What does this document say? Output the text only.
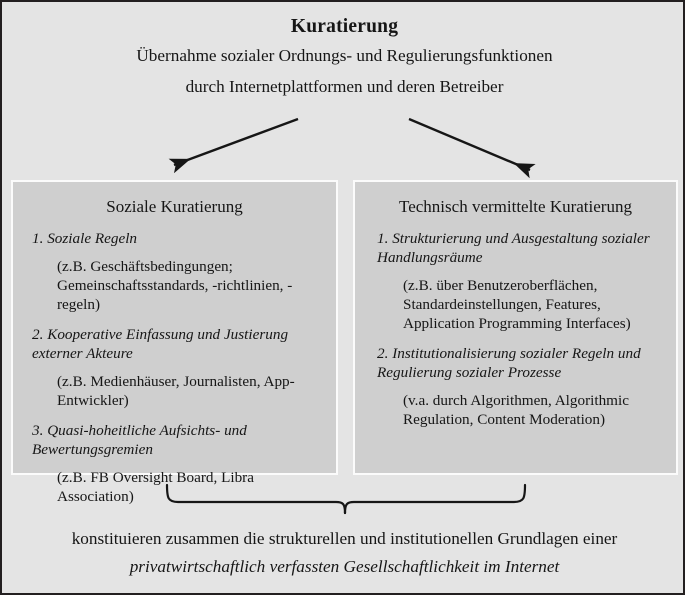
Kuratierung
Übernahme sozialer Ordnungs- und Regulierungsfunktionen
durch Internetplattformen und deren Betreiber
Soziale Kuratierung
1. Soziale Regeln
(z.B. Geschäftsbedingungen; Gemeinschaftsstandards, -richtlinien, -regeln)
2. Kooperative Einfassung und Justierung externer Akteure
(z.B. Medienhäuser, Journalisten, App-Entwickler)
3. Quasi-hoheitliche Aufsichts- und Bewertungsgremien
(z.B. FB Oversight Board, Libra Association)
Technisch vermittelte Kuratierung
1. Strukturierung und Ausgestaltung sozialer Handlungsräume
(z.B. über Benutzeroberflächen, Standardeinstellungen, Features, Application Programming Interfaces)
2. Institutionalisierung sozialer Regeln und Regulierung sozialer Prozesse
(v.a. durch Algorithmen, Algorithmic Regulation, Content Moderation)
konstituieren zusammen die strukturellen und institutionellen Grundlagen einer
privatwirtschaftlich verfassten Gesellschaftlichkeit im Internet
